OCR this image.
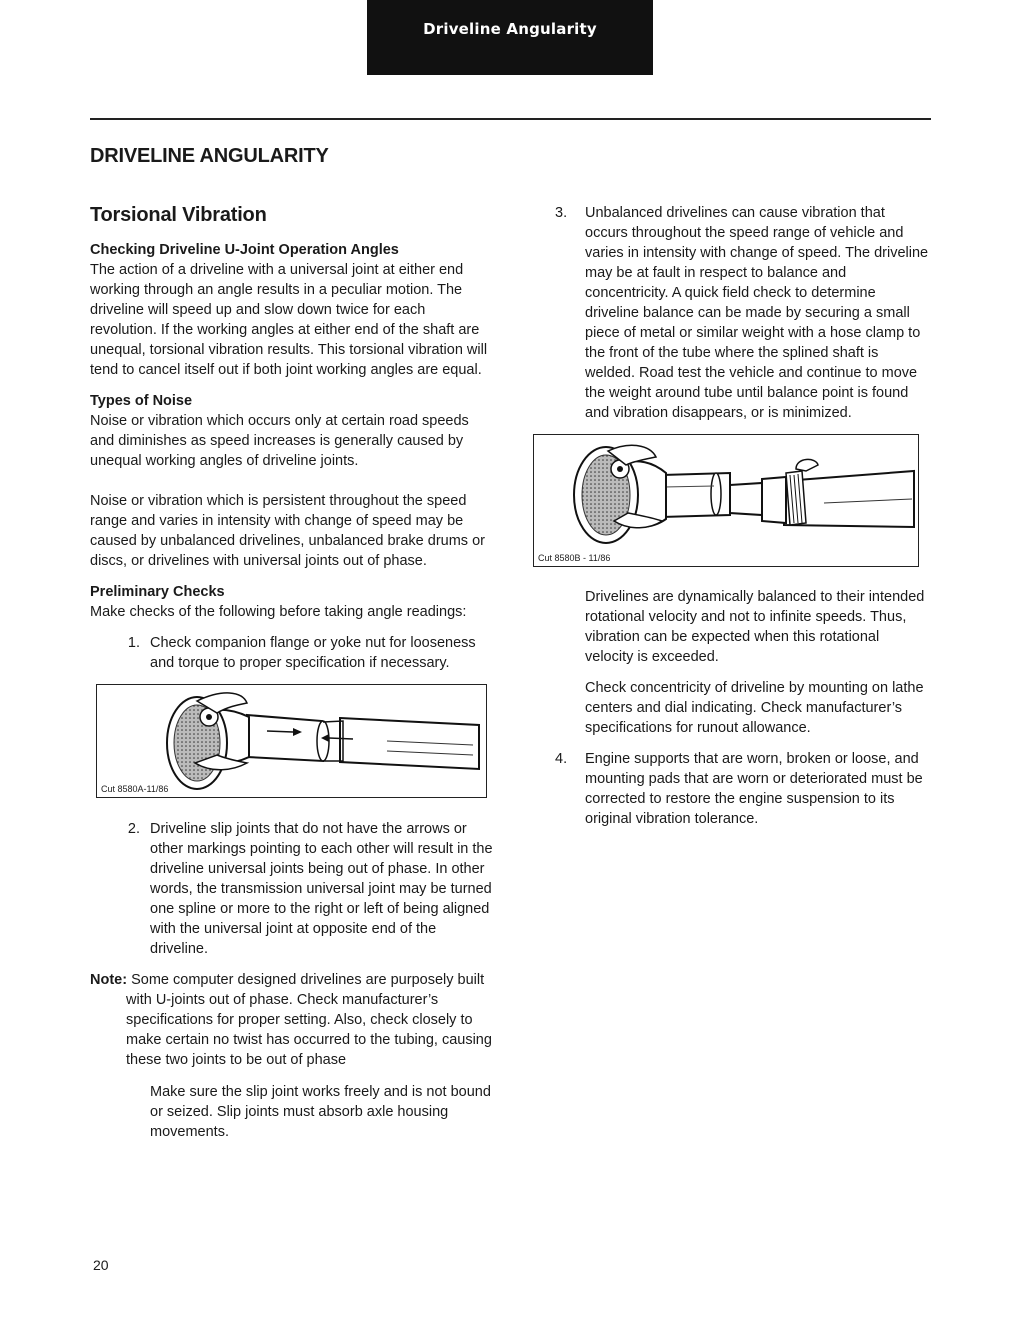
Driveline Angularity
DRIVELINE ANGULARITY
Torsional Vibration

Checking Driveline U-Joint Operation Angles

The action of a driveline with a universal joint at either end working through an angle results in a peculiar motion. The driveline will speed up and slow down twice for each revolution. If the working angles at either end of the shaft are unequal, torsional vibration results. This torsional vibration will tend to cancel itself out if both joint working angles are equal.

Types of Noise

Noise or vibration which occurs only at certain road speeds and diminishes as speed increases is generally caused by unequal working angles of driveline joints.

Noise or vibration which is persistent throughout the speed range and varies in intensity with change of speed may be caused by unbalanced drivelines, unbalanced brake drums or discs, or drivelines with universal joints out of phase.

Preliminary Checks

Make checks of the following before taking angle readings:

1. Check companion flange or yoke nut for looseness and torque to proper specification if necessary.
Cut 8580A-11/86
2. Driveline slip joints that do not have the arrows or other markings pointing to each other will result in the driveline universal joints being out of phase. In other words, the transmission universal joint may be turned one spline or more to the right or left of being aligned with the universal joint at opposite end of the driveline.

Note: Some computer designed drivelines are purposely built with U-joints out of phase. Check manufacturer’s specifications for proper setting. Also, check closely to make certain no twist has occurred to the tubing, causing these two joints to be out of phase

Make sure the slip joint works freely and is not bound or seized. Slip joints must absorb axle housing movements.

3.	Unbalanced drivelines can cause vibration that occurs throughout the speed range of vehicle and varies in intensity with change of speed. The driveline may be at fault in respect to balance and concentricity. A quick field check to determine driveline balance can be made by securing a small piece of metal or similar weight with a hose clamp to the front of the tube where the splined shaft is welded. Road test the vehicle and continue to move the weight around tube until balance point is found and vibration disappears, or is minimized.
Cut 8580B - 11/86

Drivelines are dynamically balanced to their intended rotational velocity and not to infinite speeds. Thus, vibration can be expected when this rotational velocity is exceeded.

Check concentricity of driveline by mounting on lathe centers and dial indicating. Check manufacturer’s specifications for runout allowance.

4.	Engine supports that are worn, broken or loose, and mounting pads that are worn or deteriorated must be corrected to restore the engine suspension to its original vibration tolerance.
20
